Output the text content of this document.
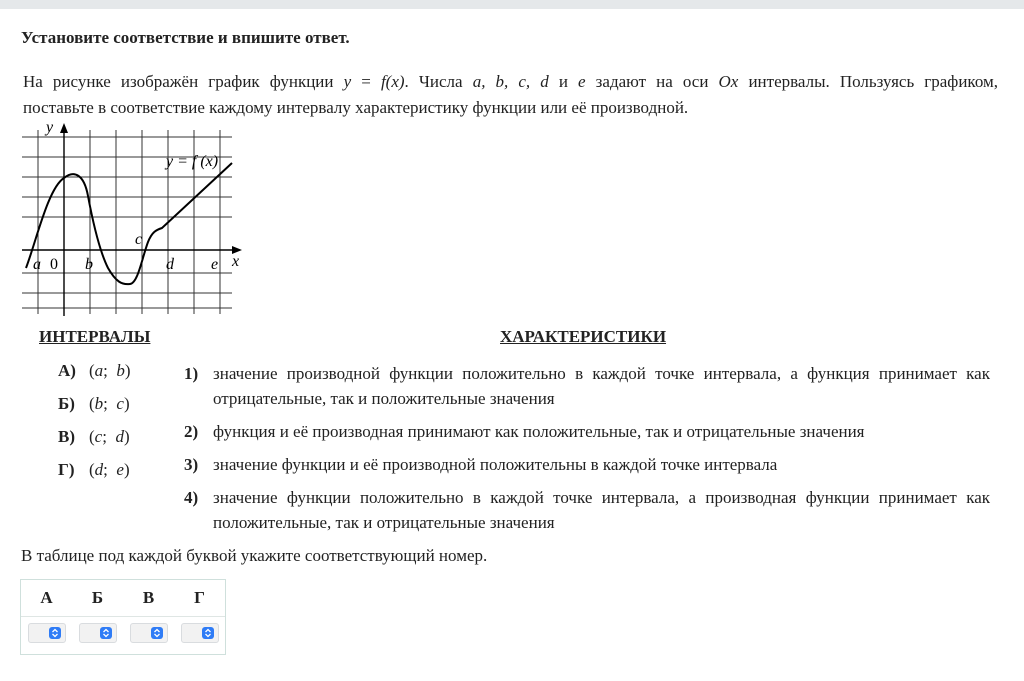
Установите соответствие и впишите ответ.
На рисунке изображён график функции y = f(x). Числа a, b, c, d и e задают на оси Ox интервалы. Пользуясь графиком,
поставьте в соответствие каждому интервалу характеристику функции или её производной.
y
x
y = f (x)
a 0 b
c
d e
ИНТЕРВАЛЫ	ХАРАКТЕРИСТИКИ
А) (a;  b)
Б) (b;  c)
В) (c;  d)
Г) (d;  e)
1) значение производной функции положительно в каждой точке интервала, а функция принимает как отрицательные, так и положительные значения
2) функция и её производная принимают как положительные, так и отрицательные значения
3) значение функции и её производной положительны в каждой точке интервала
4) значение функции положительно в каждой точке интервала, а производная функции принимает как положительные, так и отрицательные значения
В таблице под каждой буквой укажите соответствующий номер.
А	Б	В	Г
